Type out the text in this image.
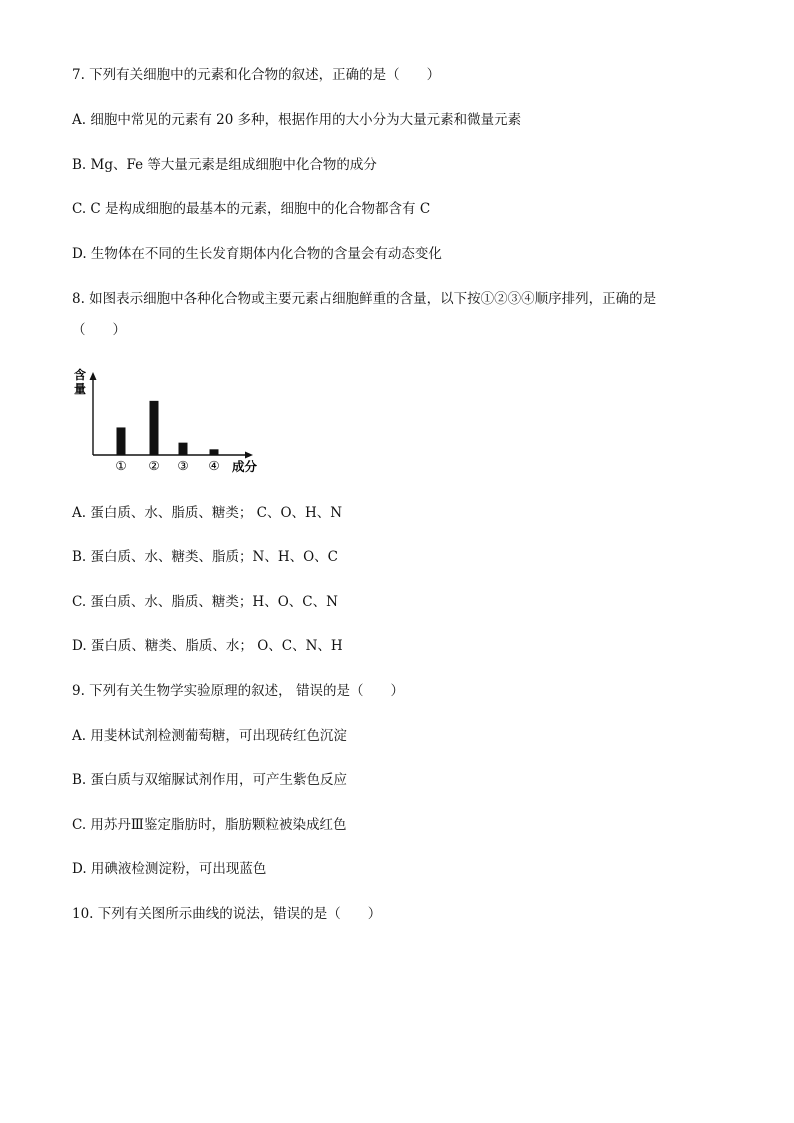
7. 下列有关细胞中的元素和化合物的叙述，正确的是（　　）
A. 细胞中常见的元素有 20 多种，根据作用的大小分为大量元素和微量元素
B. Mg、Fe 等大量元素是组成细胞中化合物的成分
C. C 是构成细胞的最基本的元素，细胞中的化合物都含有 C
D. 生物体在不同的生长发育期体内化合物的含量会有动态变化
8. 如图表示细胞中各种化合物或主要元素占细胞鲜重的含量，以下按①②③④顺序排列，正确的是
（　　）
含
量
① ② ③ ④ 成分
A. 蛋白质、水、脂质、糖类； C、O、H、N
B. 蛋白质、水、糖类、脂质；N、H、O、C
C. 蛋白质、水、脂质、糖类；H、O、C、N
D. 蛋白质、糖类、脂质、水； O、C、N、H
9. 下列有关生物学实验原理的叙述， 错误的是（　　）
A. 用斐林试剂检测葡萄糖，可出现砖红色沉淀
B. 蛋白质与双缩脲试剂作用，可产生紫色反应
C. 用苏丹Ⅲ鉴定脂肪时，脂肪颗粒被染成红色
D. 用碘液检测淀粉，可出现蓝色
10. 下列有关图所示曲线的说法，错误的是（　　）
